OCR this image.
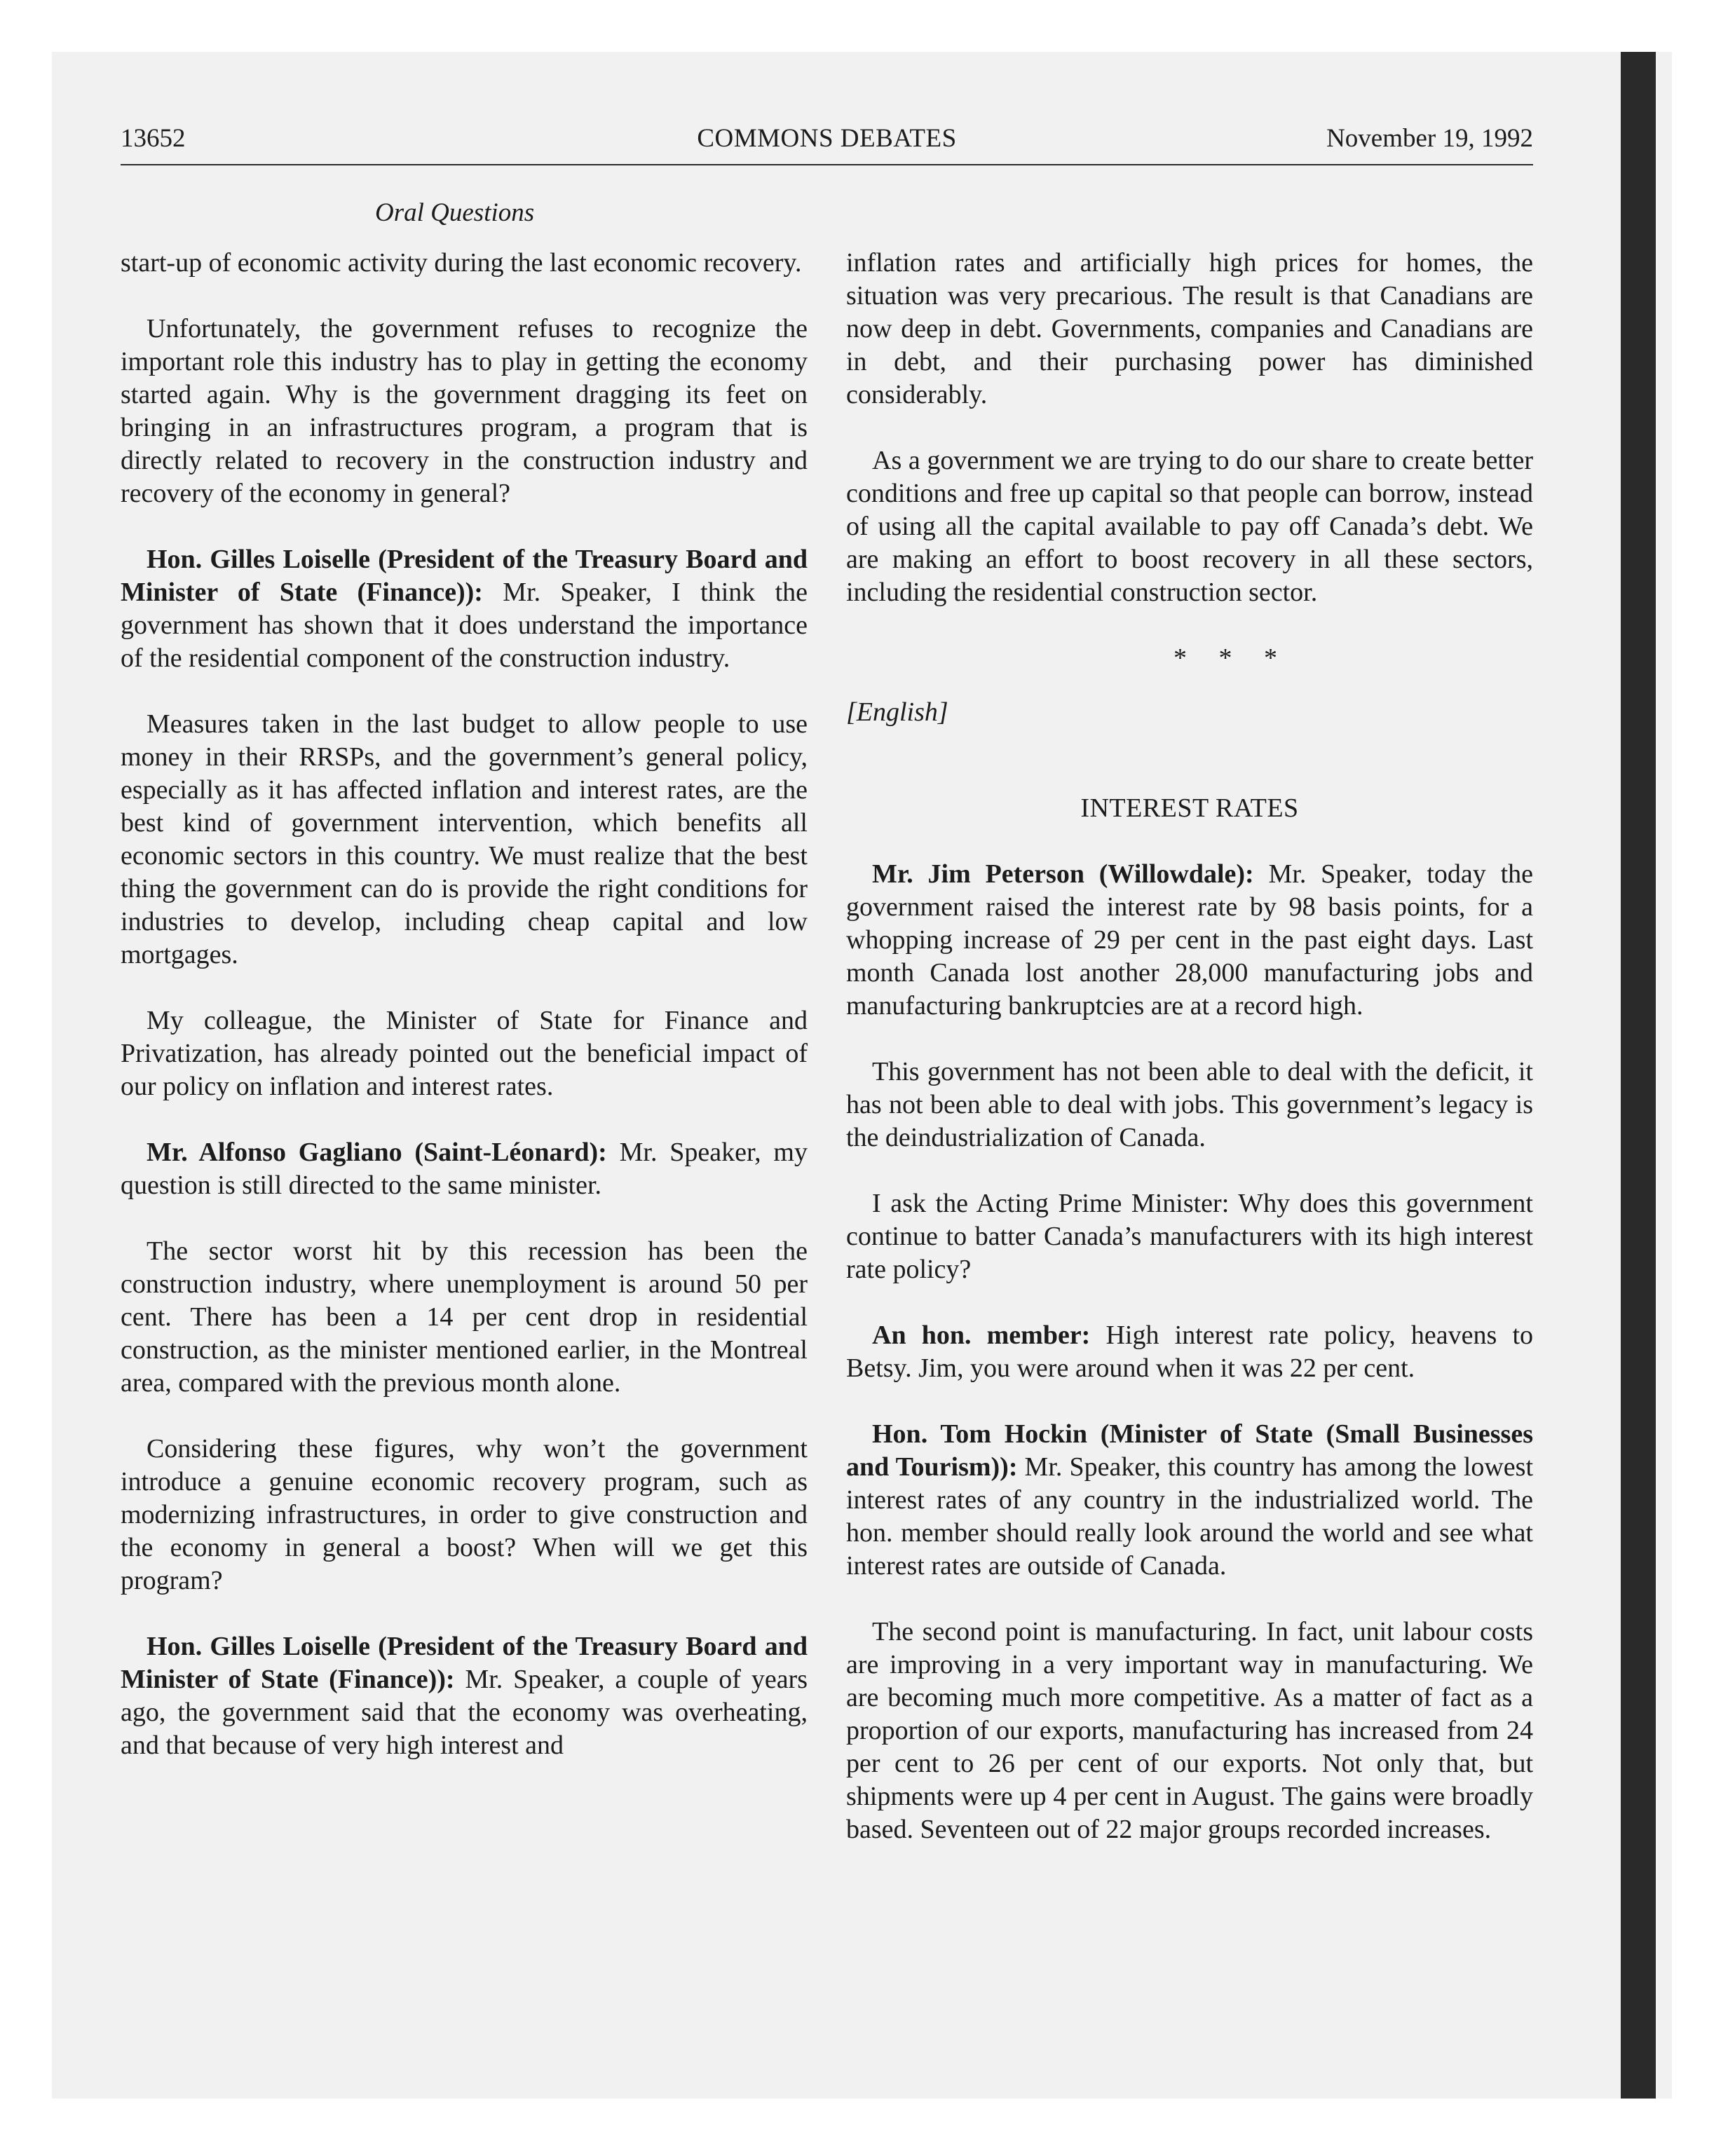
13652	COMMONS DEBATES	November 19, 1992
Oral Questions

start-up of economic activity during the last economic recovery.

Unfortunately, the government refuses to recognize the important role this industry has to play in getting the economy started again. Why is the government dragging its feet on bringing in an infrastructures program, a program that is directly related to recovery in the construction industry and recovery of the economy in general?

Hon. Gilles Loiselle (President of the Treasury Board and Minister of State (Finance)): Mr. Speaker, I think the government has shown that it does understand the importance of the residential component of the construction industry.

Measures taken in the last budget to allow people to use money in their RRSPs, and the government’s general policy, especially as it has affected inflation and interest rates, are the best kind of government intervention, which benefits all economic sectors in this country. We must realize that the best thing the government can do is provide the right conditions for industries to develop, including cheap capital and low mortgages.

My colleague, the Minister of State for Finance and Privatization, has already pointed out the beneficial impact of our policy on inflation and interest rates.

Mr. Alfonso Gagliano (Saint-Léonard): Mr. Speaker, my question is still directed to the same minister.

The sector worst hit by this recession has been the construction industry, where unemployment is around 50 per cent. There has been a 14 per cent drop in residential construction, as the minister mentioned earlier, in the Montreal area, compared with the previous month alone.

Considering these figures, why won’t the government introduce a genuine economic recovery program, such as modernizing infrastructures, in order to give construction and the economy in general a boost? When will we get this program?

Hon. Gilles Loiselle (President of the Treasury Board and Minister of State (Finance)): Mr. Speaker, a couple of years ago, the government said that the economy was overheating, and that because of very high interest and

inflation rates and artificially high prices for homes, the situation was very precarious. The result is that Canadians are now deep in debt. Governments, companies and Canadians are in debt, and their purchasing power has diminished considerably.

As a government we are trying to do our share to create better conditions and free up capital so that people can borrow, instead of using all the capital available to pay off Canada’s debt. We are making an effort to boost recovery in all these sectors, including the residential construction sector.

* * *
[English]
INTEREST RATES

Mr. Jim Peterson (Willowdale): Mr. Speaker, today the government raised the interest rate by 98 basis points, for a whopping increase of 29 per cent in the past eight days. Last month Canada lost another 28,000 manufacturing jobs and manufacturing bankruptcies are at a record high.

This government has not been able to deal with the deficit, it has not been able to deal with jobs. This government’s legacy is the deindustrialization of Canada.

I ask the Acting Prime Minister: Why does this government continue to batter Canada’s manufacturers with its high interest rate policy?

An hon. member: High interest rate policy, heavens to Betsy. Jim, you were around when it was 22 per cent.

Hon. Tom Hockin (Minister of State (Small Businesses and Tourism)): Mr. Speaker, this country has among the lowest interest rates of any country in the industrialized world. The hon. member should really look around the world and see what interest rates are outside of Canada.

The second point is manufacturing. In fact, unit labour costs are improving in a very important way in manufacturing. We are becoming much more competitive. As a matter of fact as a proportion of our exports, manufacturing has increased from 24 per cent to 26 per cent of our exports. Not only that, but shipments were up 4 per cent in August. The gains were broadly based. Seventeen out of 22 major groups recorded increases.
